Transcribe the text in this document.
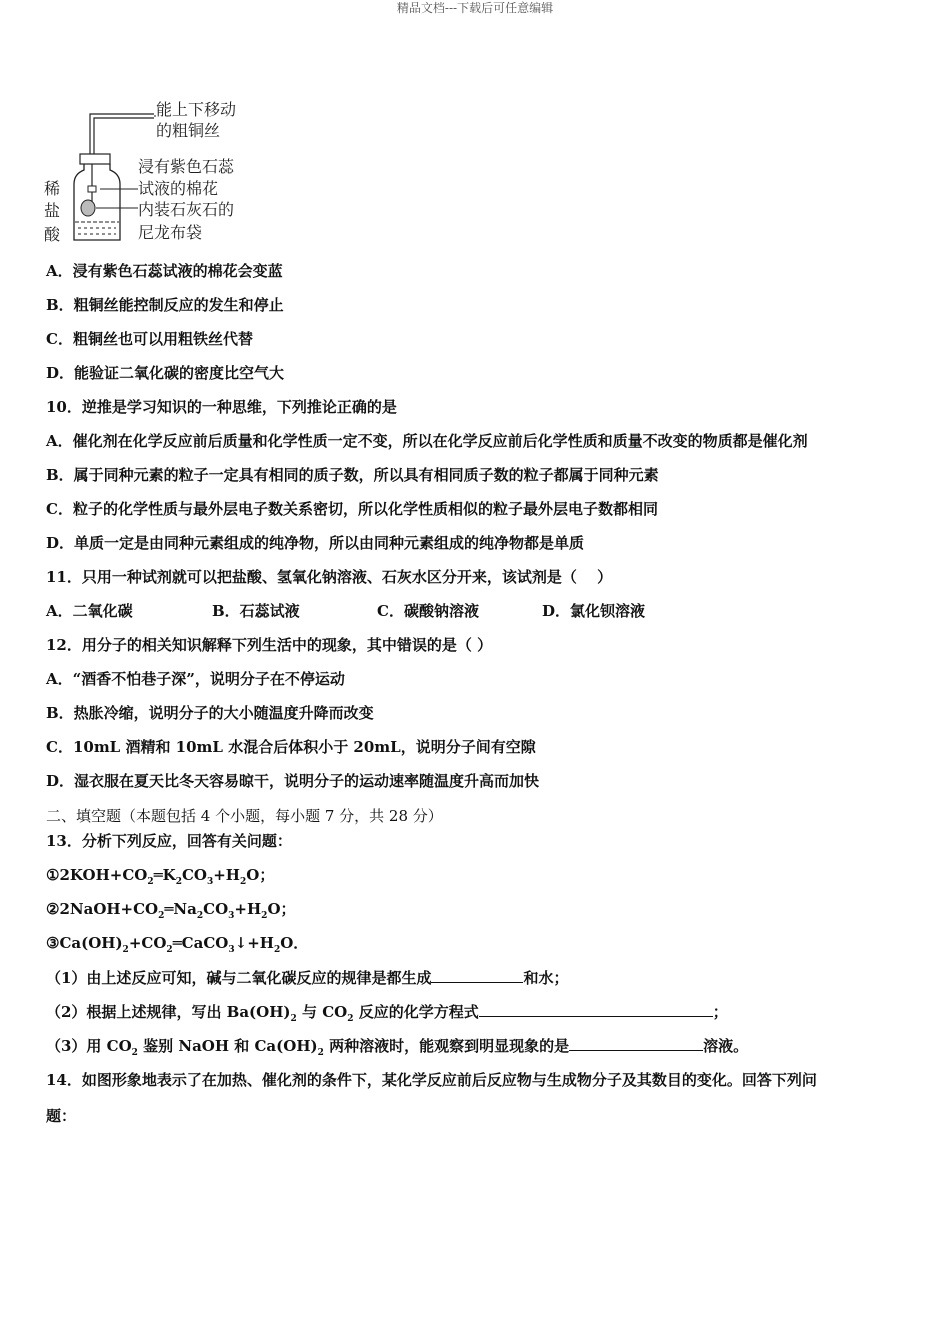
精品文档---下载后可任意编辑
能上下移动
的粗铜丝
浸有紫色石蕊
试液的棉花
内装石灰石的
尼龙布袋
稀
盐
酸
A．浸有紫色石蕊试液的棉花会变蓝
B．粗铜丝能控制反应的发生和停止
C．粗铜丝也可以用粗铁丝代替
D．能验证二氧化碳的密度比空气大
10．逆推是学习知识的一种思维，下列推论正确的是
A．催化剂在化学反应前后质量和化学性质一定不变，所以在化学反应前后化学性质和质量不改变的物质都是催化剂
B．属于同种元素的粒子一定具有相同的质子数，所以具有相同质子数的粒子都属于同种元素
C．粒子的化学性质与最外层电子数关系密切，所以化学性质相似的粒子最外层电子数都相同
D．单质一定是由同种元素组成的纯净物，所以由同种元素组成的纯净物都是单质
11．只用一种试剂就可以把盐酸、氢氧化钠溶液、石灰水区分开来，该试剂是（　 ）
A．二氧化碳	B．石蕊试液	C．碳酸钠溶液	D．氯化钡溶液
12．用分子的相关知识解释下列生活中的现象，其中错误的是（ ）
A．“酒香不怕巷子深”，说明分子在不停运动
B．热胀冷缩，说明分子的大小随温度升降而改变
C．10mL 酒精和 10mL 水混合后体积小于 20mL，说明分子间有空隙
D．湿衣服在夏天比冬天容易晾干，说明分子的运动速率随温度升高而加快
二、填空题（本题包括 4 个小题，每小题 7 分，共 28 分）
13．分析下列反应，回答有关问题：
$①2KOH+CO_2═K_2CO_3+H_2O$；
$②2NaOH+CO_2═Na_2CO_3+H_2O$；
$③Ca(OH)_2+CO_2═CaCO_3↓+H_2O$．
（1）由上述反应可知，碱与二氧化碳反应的规律是都生成	和水；
（2）根据上述规律，写出 $Ba(OH)_2$ 与 $CO_2$ 反应的化学方程式	；
（3）用 $CO_2$ 鉴别 NaOH 和 $Ca(OH)_2$ 两种溶液时，能观察到明显现象的是	溶液。
14．如图形象地表示了在加热、催化剂的条件下，某化学反应前后反应物与生成物分子及其数目的变化。回答下列问
题：
